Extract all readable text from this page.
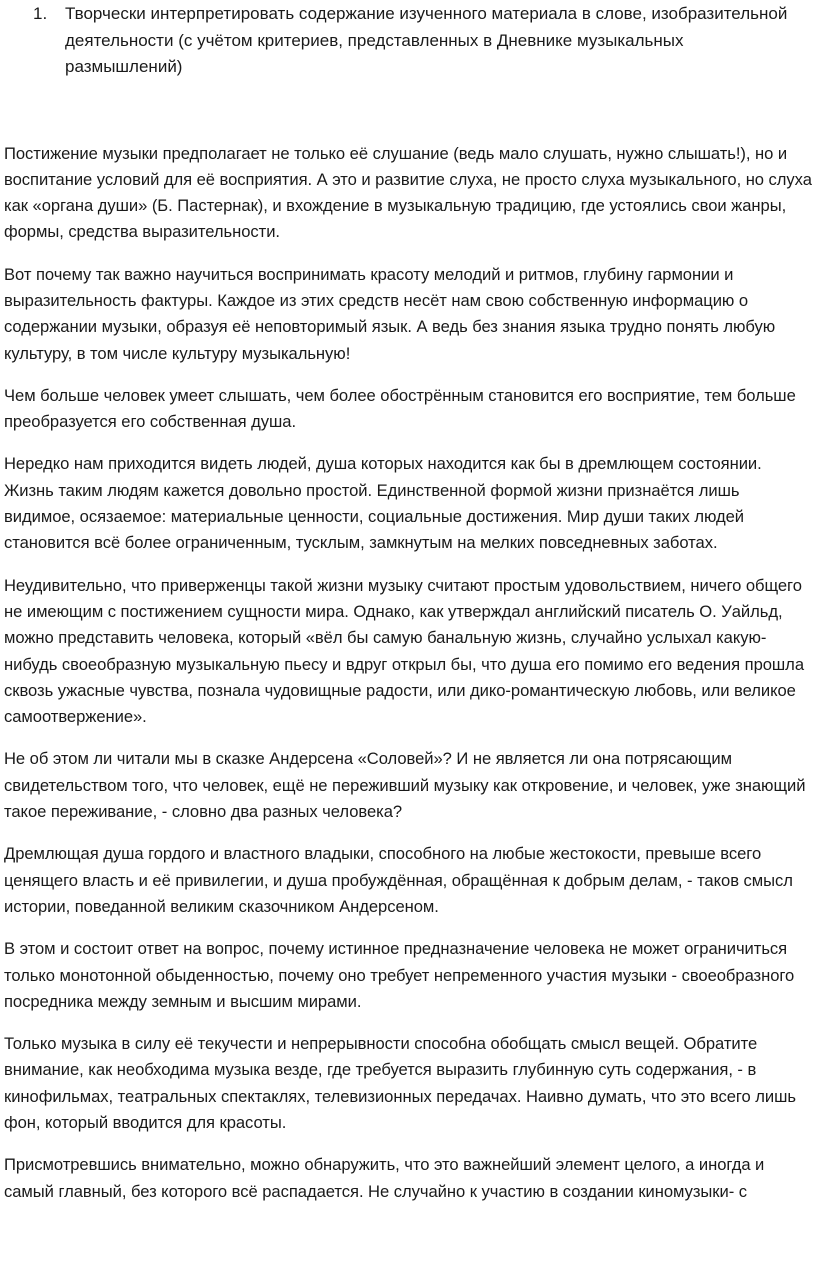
1.	Творчески интерпретировать содержание изученного материала в слове, изобразительной деятельности (с учётом критериев, представленных в Дневнике музыкальных размышлений)

Постижение музыки предполагает не только её слушание (ведь мало слушать, нужно слышать!), но и воспитание условий для её восприятия. А это и развитие слуха, не просто слуха музыкального, но слуха как «органа души» (Б. Пастернак), и вхождение в музыкальную традицию, где устоялись свои жанры, формы, средства выразительности.

Вот почему так важно научиться воспринимать красоту мелодий и ритмов, глубину гармонии и выразительность фактуры. Каждое из этих средств несёт нам свою собственную информацию о содержании музыки, образуя её неповторимый язык. А ведь без знания языка трудно понять любую культуру, в том числе культуру музыкальную!

Чем больше человек умеет слышать, чем более обострённым становится его восприятие, тем больше преобразуется его собственная душа.

Нередко нам приходится видеть людей, душа которых находится как бы в дремлющем состоянии. Жизнь таким людям кажется довольно простой. Единственной формой жизни признаётся лишь видимое, осязаемое: материальные ценности, социальные достижения. Мир души таких людей становится всё более ограниченным, тусклым, замкнутым на мелких повседневных заботах.

Неудивительно, что приверженцы такой жизни музыку считают простым удовольствием, ничего общего не имеющим с постижением сущности мира. Однако, как утверждал английский писатель О. Уайльд, можно представить человека, который «вёл бы самую банальную жизнь, случайно услыхал какую-нибудь своеобразную музыкальную пьесу и вдруг открыл бы, что душа его помимо его ведения прошла сквозь ужасные чувства, познала чудовищные радости, или дико-романтическую любовь, или великое самоотвержение».

Не об этом ли читали мы в сказке Андерсена «Соловей»? И не является ли она потрясающим свидетельством того, что человек, ещё не переживший музыку как откровение, и человек, уже знающий такое переживание, - словно два разных человека?

Дремлющая душа гордого и властного владыки, способного на любые жестокости, превыше всего ценящего власть и её привилегии, и душа пробуждённая, обращённая к добрым делам, - таков смысл истории, поведанной великим сказочником Андерсеном.

В этом и состоит ответ на вопрос, почему истинное предназначение человека не может ограничиться только монотонной обыденностью, почему оно требует непременного участия музыки - своеобразного посредника между земным и высшим мирами.

Только музыка в силу её текучести и непрерывности способна обобщать смысл вещей. Обратите внимание, как необходима музыка везде, где требуется выразить глубинную суть содержания, - в кинофильмах, театральных спектаклях, телевизионных передачах. Наивно думать, что это всего лишь фон, который вводится для красоты.

Присмотревшись внимательно, можно обнаружить, что это важнейший элемент целого, а иногда и самый главный, без которого всё распадается. Не случайно к участию в создании киномузыки- с
